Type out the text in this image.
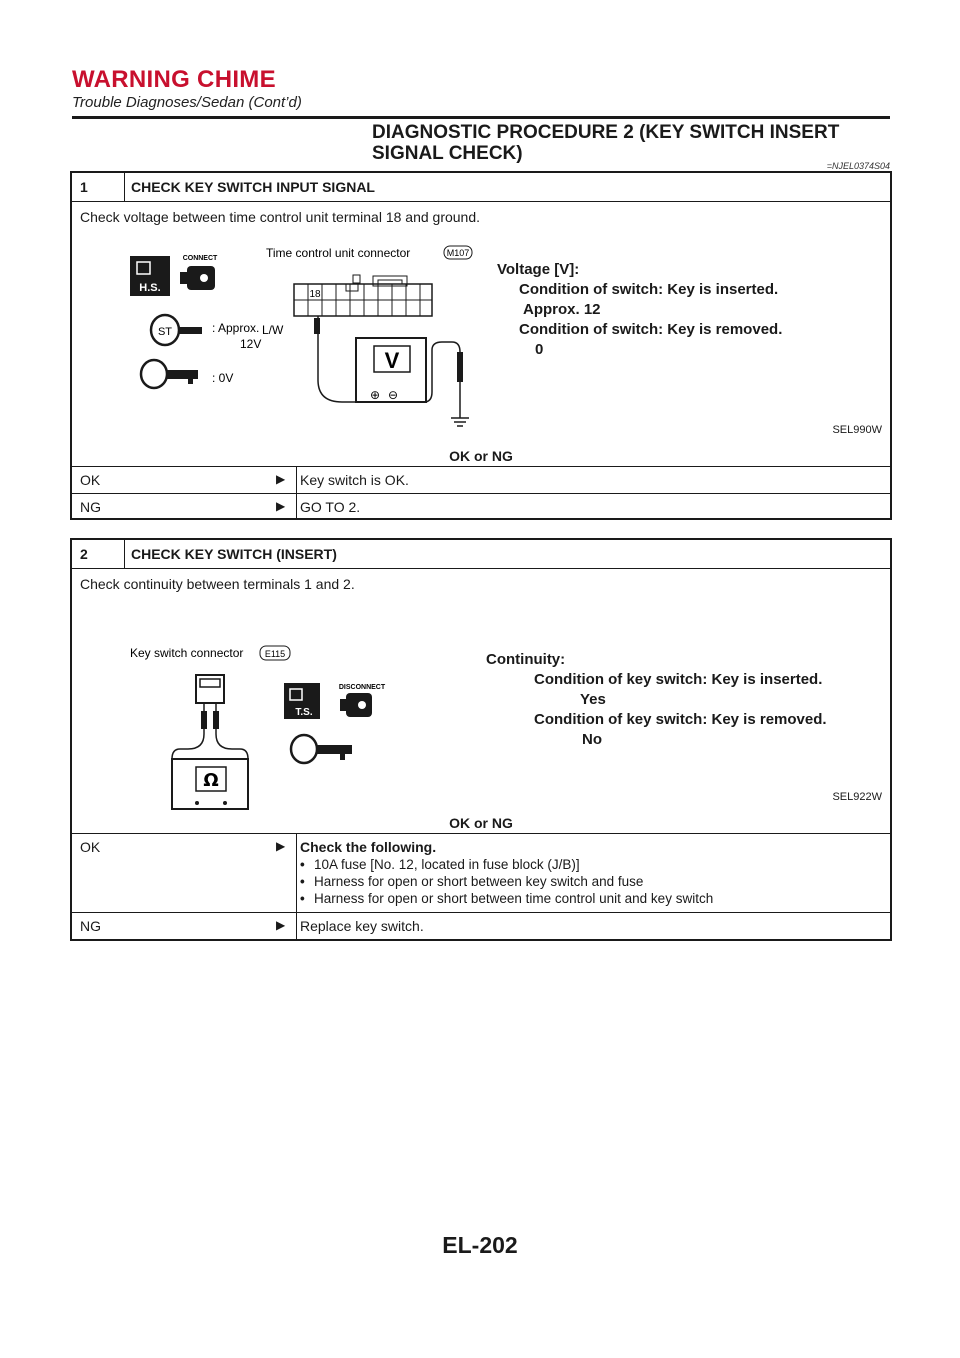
WARNING CHIME
Trouble Diagnoses/Sedan (Cont’d)
DIAGNOSTIC PROCEDURE 2 (KEY SWITCH INSERT
SIGNAL CHECK)
=NJEL0374S04
1	CHECK KEY SWITCH INPUT SIGNAL
Check voltage between time control unit terminal 18 and ground.
H.S.
CONNECT
ST	: Approx.
12V
: 0V
Time control unit connector	M107
18
L/W
V
⊕ ⊖
Voltage [V]:
Condition of switch: Key is inserted.
Approx. 12
Condition of switch: Key is removed.
0
SEL990W
OK or NG
OK	▶ Key switch is OK.
NG	▶ GO TO 2.
2	CHECK KEY SWITCH (INSERT)
Check continuity between terminals 1 and 2.
Key switch connector E115
Ω
T.S.
DISCONNECT
Continuity:
Condition of key switch: Key is inserted.
Yes
Condition of key switch: Key is removed.
No
SEL922W
OK or NG
OK	▶ Check the following.
• 10A fuse [No. 12, located in fuse block (J/B)]
• Harness for open or short between key switch and fuse
• Harness for open or short between time control unit and key switch
NG	▶ Replace key switch.
EL-202
